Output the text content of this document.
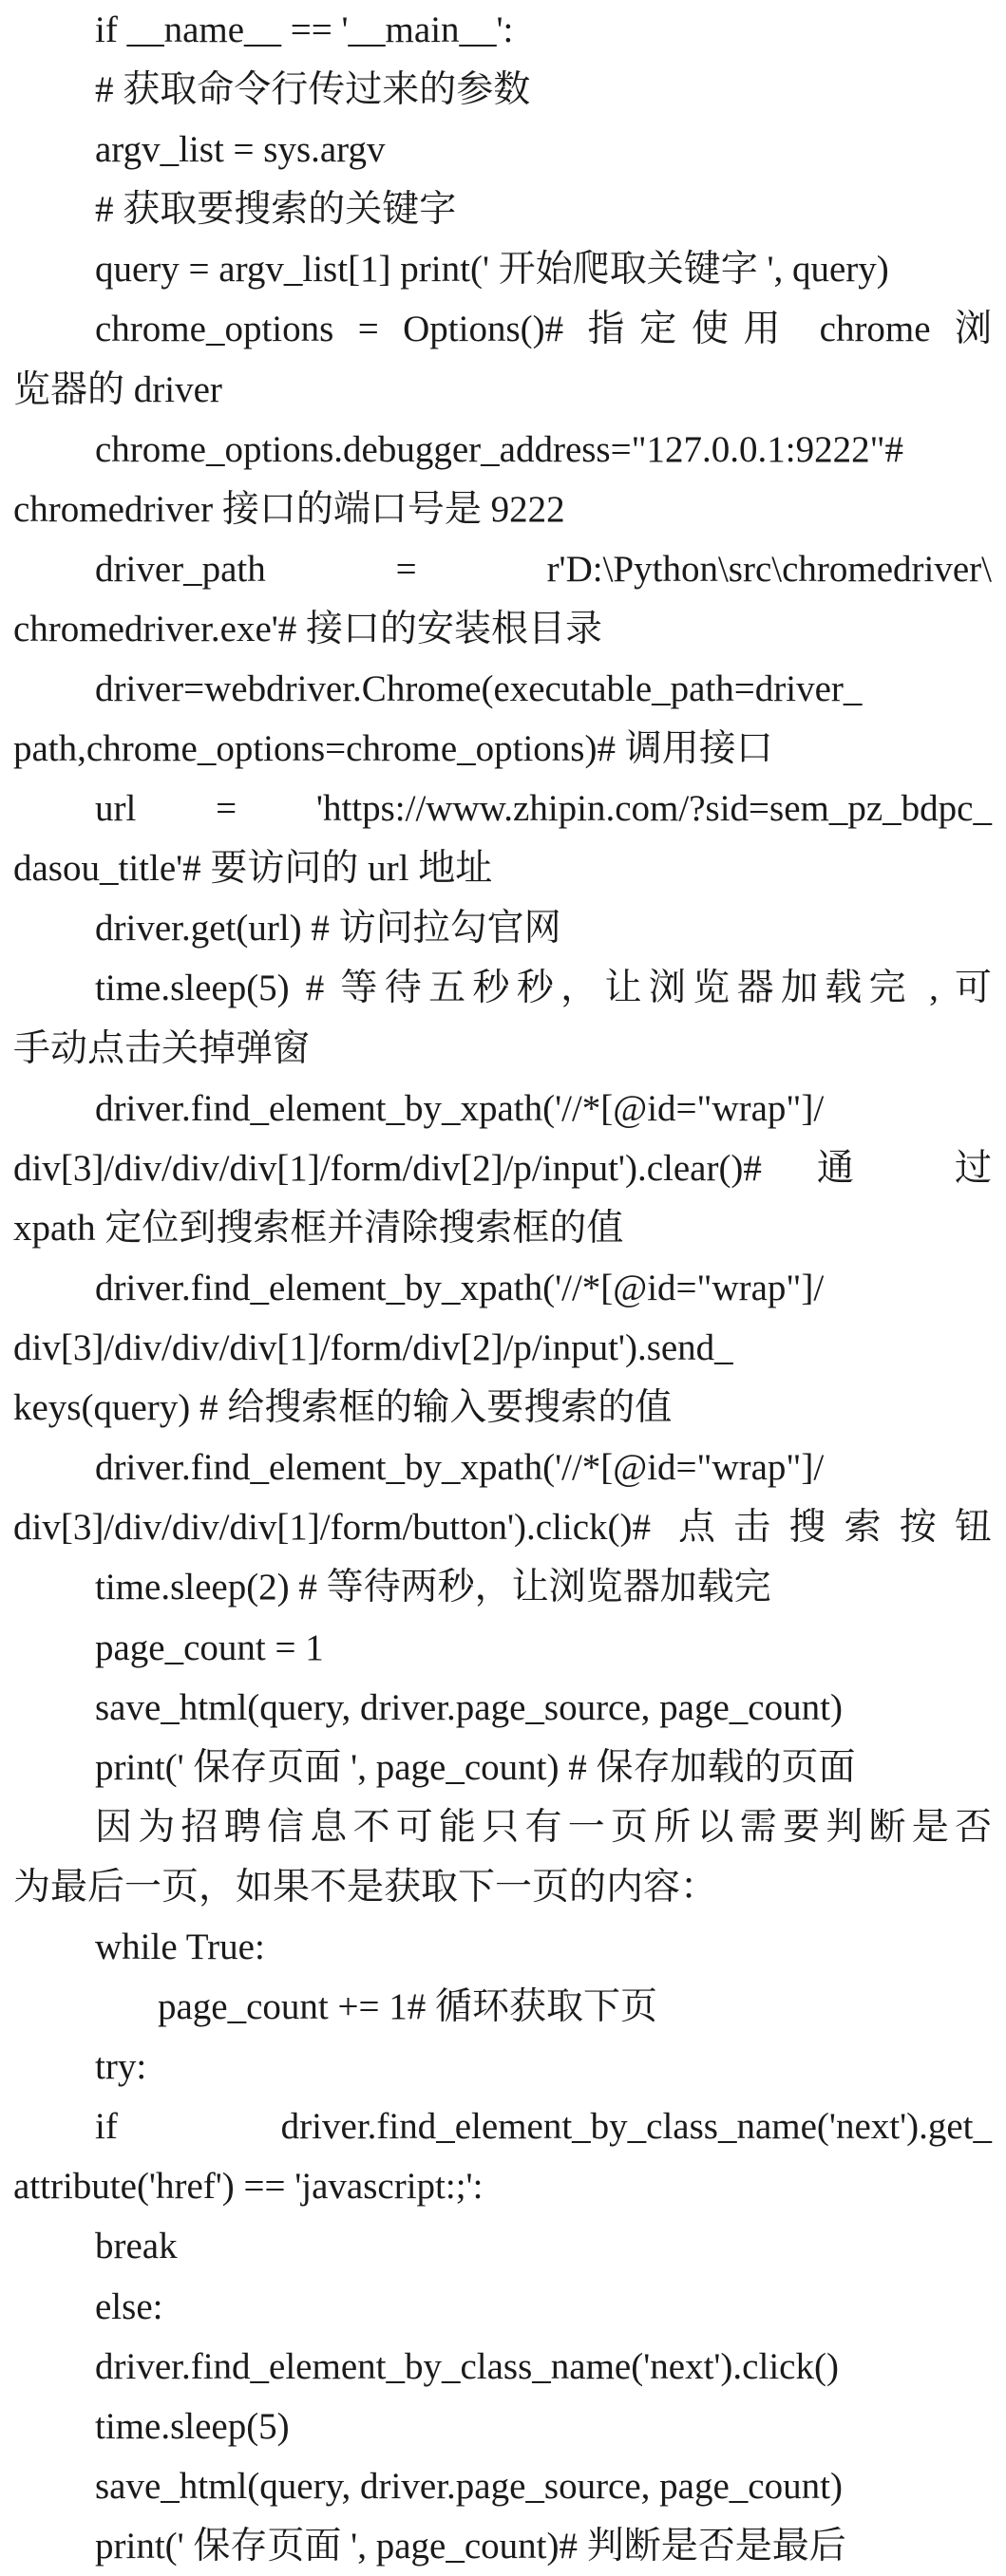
if __name__ == '__main__':
# 获取命令行传过来的参数
argv_list = sys.argv
# 获取要搜索的关键字
query = argv_list[1] print(' 开始爬取关键字 ', query)
chrome_options = Options()# 指定使用 chrome 浏
览器的 driver
chrome_options.debugger_address="127.0.0.1:9222"#
chromedriver 接口的端口号是 9222
driver_path = r'D:\Python\src\chromedriver\
chromedriver.exe'# 接口的安装根目录
driver=webdriver.Chrome(executable_path=driver_
path,chrome_options=chrome_options)# 调用接口
url = 'https://www.zhipin.com/?sid=sem_pz_bdpc_
dasou_title'# 要访问的 url 地址
driver.get(url) # 访问拉勾官网
time.sleep(5) # 等待五秒秒，让浏览器加载完 , 可
手动点击关掉弹窗
driver.find_element_by_xpath('//*[@id="wrap"]/
div[3]/div/div/div[1]/form/div[2]/p/input').clear()# 通 过
xpath 定位到搜索框并清除搜索框的值
driver.find_element_by_xpath('//*[@id="wrap"]/
div[3]/div/div/div[1]/form/div[2]/p/input').send_
keys(query) # 给搜索框的输入要搜索的值
driver.find_element_by_xpath('//*[@id="wrap"]/
div[3]/div/div/div[1]/form/button').click()# 点击搜索按钮
time.sleep(2) # 等待两秒，让浏览器加载完
page_count = 1
save_html(query, driver.page_source, page_count)
print(' 保存页面 ', page_count) # 保存加载的页面
因为招聘信息不可能只有一页所以需要判断是否
为最后一页，如果不是获取下一页的内容：
while True:
page_count += 1# 循环获取下页
try:
if driver.find_element_by_class_name('next').get_
attribute('href') == 'javascript:;':
break
else:
driver.find_element_by_class_name('next').click()
time.sleep(5)
save_html(query, driver.page_source, page_count)
print(' 保存页面 ', page_count)# 判断是否是最后
